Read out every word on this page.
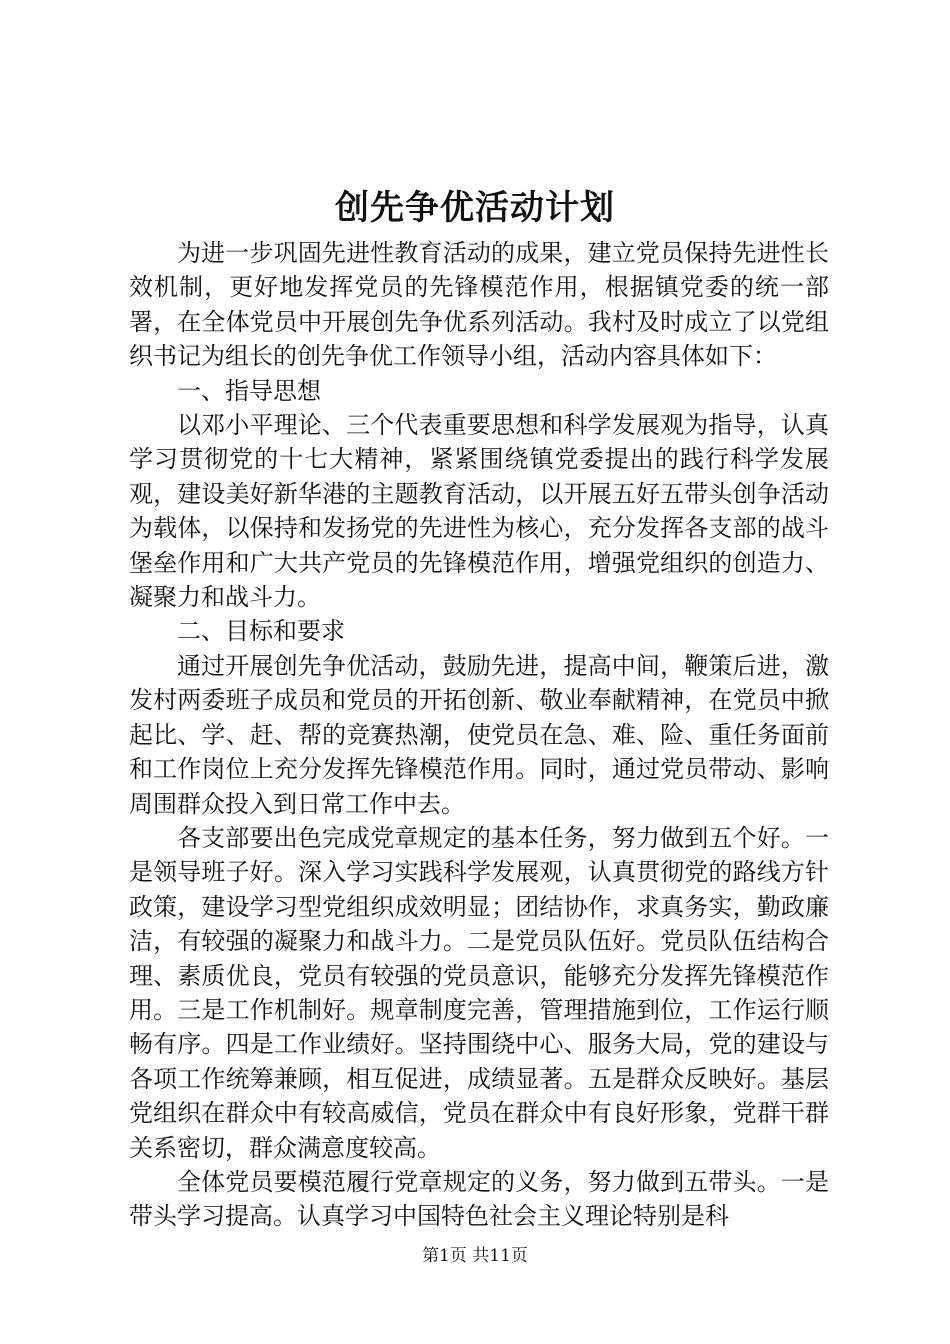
创先争优活动计划

为进一步巩固先进性教育活动的成果，建立党员保持先进性长效机制，更好地发挥党员的先锋模范作用，根据镇党委的统一部署，在全体党员中开展创先争优系列活动。我村及时成立了以党组织书记为组长的创先争优工作领导小组，活动内容具体如下：

一、指导思想

以邓小平理论、三个代表重要思想和科学发展观为指导，认真学习贯彻党的十七大精神，紧紧围绕镇党委提出的践行科学发展观，建设美好新华港的主题教育活动，以开展五好五带头创争活动为载体，以保持和发扬党的先进性为核心，充分发挥各支部的战斗堡垒作用和广大共产党员的先锋模范作用，增强党组织的创造力、凝聚力和战斗力。

二、目标和要求

通过开展创先争优活动，鼓励先进，提高中间，鞭策后进，激发村两委班子成员和党员的开拓创新、敬业奉献精神，在党员中掀起比、学、赶、帮的竞赛热潮，使党员在急、难、险、重任务面前和工作岗位上充分发挥先锋模范作用。同时，通过党员带动、影响周围群众投入到日常工作中去。

各支部要出色完成党章规定的基本任务，努力做到五个好。一是领导班子好。深入学习实践科学发展观，认真贯彻党的路线方针政策，建设学习型党组织成效明显；团结协作，求真务实，勤政廉洁，有较强的凝聚力和战斗力。二是党员队伍好。党员队伍结构合理、素质优良，党员有较强的党员意识，能够充分发挥先锋模范作用。三是工作机制好。规章制度完善，管理措施到位，工作运行顺畅有序。四是工作业绩好。坚持围绕中心、服务大局，党的建设与各项工作统筹兼顾，相互促进，成绩显著。五是群众反映好。基层党组织在群众中有较高威信，党员在群众中有良好形象，党群干群关系密切，群众满意度较高。

全体党员要模范履行党章规定的义务，努力做到五带头。一是带头学习提高。认真学习中国特色社会主义理论特别是科

第1页 共11页
